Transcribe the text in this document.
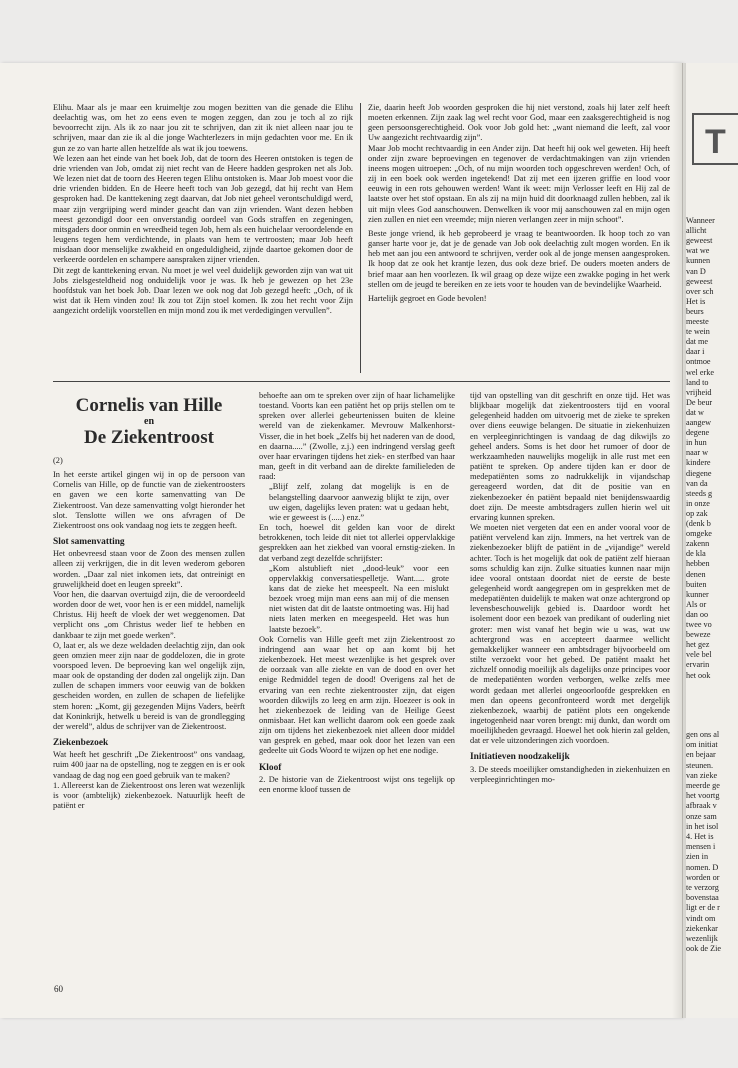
T

Elihu. Maar als je maar een kruimeltje zou mogen bezitten van die genade die Elihu deelachtig was, om het zo eens even te mogen zeggen, dan zou je toch al zo rijk bevoorrecht zijn. Als ik zo naar jou zit te schrijven, dan zit ik niet alleen naar jou te schrijven, maar dan zie ik al die jonge Wachterlezers in mijn gedachten voor me. En ik gun ze zo van harte allen hetzelfde als wat ik jou toewens.

We lezen aan het einde van het boek Job, dat de toorn des Heeren ontstoken is tegen de drie vrienden van Job, omdat zij niet recht van de Heere hadden gesproken net als Job. We lezen niet dat de toorn des Heeren tegen Elihu ontstoken is. Maar Job moest voor die drie vrienden bidden. En de Heere heeft toch van Job gezegd, dat hij recht van Hem gesproken had. De kanttekening zegt daarvan, dat Job niet geheel verontschuldigd werd, maar zijn vergrijping werd minder geacht dan van zijn vrienden. Want dezen hebben meest gezondigd door een onverstandig oordeel van Gods straffen en zegeningen, mitsgaders door onmin en wreedheid tegen Job, hem als een huichelaar veroordelende en leugens tegen hem verdichtende, in plaats van hem te vertroosten; maar Job heeft misdaan door menselijke zwakheid en ongeduldigheid, zijnde daartoe gekomen door de verkeerde oordelen en schampere aanspraken zijner vrienden.

Dit zegt de kanttekening ervan. Nu moet je wel veel duidelijk geworden zijn van wat uit Jobs zielsgesteldheid nog onduidelijk voor je was. Ik heb je gewezen op het 23e hoofdstuk van het boek Job. Daar lezen we ook nog dat Job gezegd heeft: „Och, of ik wist dat ik Hem vinden zou! Ik zou tot Zijn stoel komen. Ik zou het recht voor Zijn aangezicht ordelijk voorstellen en mijn mond zou ik met verdedigingen vervullen”.

Zie, daarin heeft Job woorden gesproken die hij niet verstond, zoals hij later zelf heeft moeten erkennen. Zijn zaak lag wel recht voor God, maar een zaaksgerechtigheid is nog geen persoonsgerechtigheid. Ook voor Job gold het: „want niemand die leeft, zal voor Uw aangezicht rechtvaardig zijn”.

Maar Job mocht rechtvaardig in een Ander zijn. Dat heeft hij ook wel geweten. Hij heeft onder zijn zware beproevingen en tegenover de verdachtmakingen van zijn vrienden ineens mogen uitroepen: „Och, of nu mijn woorden toch opgeschreven werden! Och, of zij in een boek ook werden ingetekend! Dat zij met een ijzeren griffie en lood voor eeuwig in een rots gehouwen werden! Want ik weet: mijn Verlosser leeft en Hij zal de laatste over het stof opstaan. En als zij na mijn huid dit doorknaagd zullen hebben, zal ik uit mijn vlees God aanschouwen. Denwelken ik voor mij aanschouwen zal en mijn ogen zien zullen en niet een vreemde; mijn nieren verlangen zeer in mijn schoot”.

Beste jonge vriend, ik heb geprobeerd je vraag te beantwoorden. Ik hoop toch zo van ganser harte voor je, dat je de genade van Job ook deelachtig zult mogen worden. En ik heb met aan jou een antwoord te schrijven, verder ook al de jonge mensen aangesproken. Ik hoop dat ze ook het krantje lezen, dus ook deze brief. De ouders moeten anders de brief maar aan hen voorlezen. Ik wil graag op deze wijze een zwakke poging in het werk stellen om de jeugd te bereiken en ze iets voor te houden van de bevindelijke Waarheid.

Hartelijk gegroet en Gode bevolen!

Cornelis van Hille
en
De Ziekentroost

(2)

In het eerste artikel gingen wij in op de persoon van Cornelis van Hille, op de functie van de ziekentroosters en gaven we een korte samenvatting van De Ziekentroost. Van deze samenvatting volgt hieronder het slot. Tenslotte willen we ons afvragen of De Ziekentroost ons ook vandaag nog iets te zeggen heeft.

Slot samenvatting

Het onbevreesd staan voor de Zoon des mensen zullen alleen zij verkrijgen, die in dit leven wederom geboren worden. „Daar zal niet inkomen iets, dat ontreinigt en gruwelijkheid doet en leugen spreekt”.

Voor hen, die daarvan overtuigd zijn, die de veroordeeld worden door de wet, voor hen is er een middel, namelijk Christus. Hij heeft de vloek der wet weggenomen. Dat verplicht ons „om Christus weder lief te hebben en dankbaar te zijn met goede werken”.

O, laat er, als we deze weldaden deelachtig zijn, dan ook geen omzien meer zijn naar de goddelozen, die in grote voorspoed leven. De beproeving kan wel ongelijk zijn, maar ook de opstanding der doden zal ongelijk zijn. Dan zullen de schapen immers voor eeuwig van de bokken gescheiden worden, en zullen de schapen de liefelijke stem horen: „Komt, gij gezegenden Mijns Vaders, beërft dat Koninkrijk, hetwelk u bereid is van de grondlegging der wereld”, aldus de schrijver van de Ziekentroost.

Ziekenbezoek

Wat heeft het geschrift „De Ziekentroost” ons vandaag, ruim 400 jaar na de opstelling, nog te zeggen en is er ook vandaag de dag nog een goed gebruik van te maken?

1. Allereerst kan de Ziekentroost ons leren wat wezenlijk is voor (ambtelijk) ziekenbezoek. Natuurlijk heeft de patiënt er

behoefte aan om te spreken over zijn of haar lichamelijke toestand. Voorts kan een patiënt het op prijs stellen om te spreken over allerlei gebeurtenissen buiten de kleine wereld van de ziekenkamer. Mevrouw Malkenhorst-Visser, die in het boek „Zelfs bij het naderen van de dood, en daarna.....” (Zwolle, z.j.) een indringend verslag geeft over haar ervaringen tijdens het ziek- en sterfbed van haar man, geeft in dit verband aan de direkte familieleden de raad:

„Blijf zelf, zolang dat mogelijk is en de belangstelling daarvoor aanwezig blijkt te zijn, over uw eigen, dagelijks leven praten: wat u gedaan hebt, wie er geweest is (.....) enz.”

En toch, hoewel dit gelden kan voor de direkt betrokkenen, toch leide dit niet tot allerlei oppervlakkige gesprekken aan het ziekbed van vooral ernstig-zieken. In dat verband zegt dezelfde schrijfster:

„Kom alstublieft niet „dood-leuk” voor een oppervlakkig conversatiespelletje. Want..... grote kans dat de zieke het meespeelt. Na een mislukt bezoek vroeg mijn man eens aan mij of die mensen niet wisten dat dit de laatste ontmoeting was. Hij had niets laten merken en meegespeeld. Het was hun laatste bezoek”.

Ook Cornelis van Hille geeft met zijn Ziekentroost zo indringend aan waar het op aan komt bij het ziekenbezoek. Het meest wezenlijke is het gesprek over de oorzaak van alle ziekte en van de dood en over het enige Redmiddel tegen de dood! Overigens zal het de ervaring van een rechte ziekentrooster zijn, dat eigen woorden dikwijls zo leeg en arm zijn. Hoezeer is ook in het ziekenbezoek de leiding van de Heilige Geest onmisbaar. Het kan wellicht daarom ook een goede zaak zijn om tijdens het ziekenbezoek niet alleen door middel van gesprek en gebed, maar ook door het lezen van een gedeelte uit Gods Woord te wijzen op het ene nodige.

Kloof

2. De historie van de Ziekentroost wijst ons tegelijk op een enorme kloof tussen de

tijd van opstelling van dit geschrift en onze tijd. Het was blijkbaar mogelijk dat ziekentroosters tijd en vooral gelegenheid hadden om uitvoerig met de zieke te spreken over diens eeuwige belangen. De situatie in ziekenhuizen en verpleeginrichtingen is vandaag de dag dikwijls zo geheel anders. Soms is het door het rumoer of door de werkzaamheden nauwelijks mogelijk in alle rust met een patiënt te spreken. Op andere tijden kan er door de medepatiënten soms zo nadrukkelijk in vijandschap gereageerd worden, dat dit de positie van en ziekenbezoeker én patiënt bepaald niet benijdenswaardig doet zijn. De meeste ambtsdragers zullen hierin wel uit ervaring kunnen spreken.

We moeten niet vergeten dat een en ander vooral voor de patiënt vervelend kan zijn. Immers, na het vertrek van de ziekenbezoeker blijft de patiënt in de „vijandige” wereld achter. Toch is het mogelijk dat ook de patiënt zelf hieraan soms schuldig kan zijn. Zulke situaties kunnen naar mijn idee vooral ontstaan doordat niet de eerste de beste gelegenheid wordt aangegrepen om in gesprekken met de medepatiënten duidelijk te maken wat onze achtergrond op levensbeschouwelijk gebied is. Daardoor wordt het isolement door een bezoek van predikant of ouderling niet groter: men wist vanaf het begin wie u was, wat uw achtergrond was en accepteert daarmee wellicht gemakkelijker wanneer een ambtsdrager bijvoorbeeld om stilte verzoekt voor het gebed. De patiënt maakt het zichzelf onnodig moeilijk als dagelijks onze principes voor de medepatiënten worden verborgen, welke zelfs mee wordt gedaan met allerlei ongeoorloofde gesprekken en men dan opeens geconfronteerd wordt met dergelijk ziekenbezoek, waarbij de patiënt plots een ongekende ingetogenheid naar voren brengt: mij dunkt, dan wordt om moeilijkheden gevraagd. Hoewel het ook hierin zal gelden, dat er vele uitzonderingen zich voordoen.

Initiatieven noodzakelijk

3. De steeds moeilijker omstandigheden in ziekenhuizen en verpleeginrichtingen mo-

60
Wanneer
allicht
geweest
wat we
kunnen
van D
geweest
over sch
Het is
beurs
meeste
te wein
dat me
daar i
ontmoe
wel erke
land to
vrijheid
De beur
dat w
aangew
degene
in hun
naar w
kindere
diegene
van da
steeds g
in onze
op zak
(denk b
omgeke
zakenn
de kla
hebben
denen
buiten
kunner
Als or
dan oo
twee vo
beweze
het gez
vele bel
ervarin
het ook
gen ons al
om initiat
en bejaar
steunen.
van zieke
meerde ge
het voortg
afbraak v
onze sam
in het isol
4. Het is
mensen i
zien in
nomen. D
worden or
te verzorg
bovenstaa
ligt er de r
vindt om
ziekenkar
wezenlijk
ook de Zie
